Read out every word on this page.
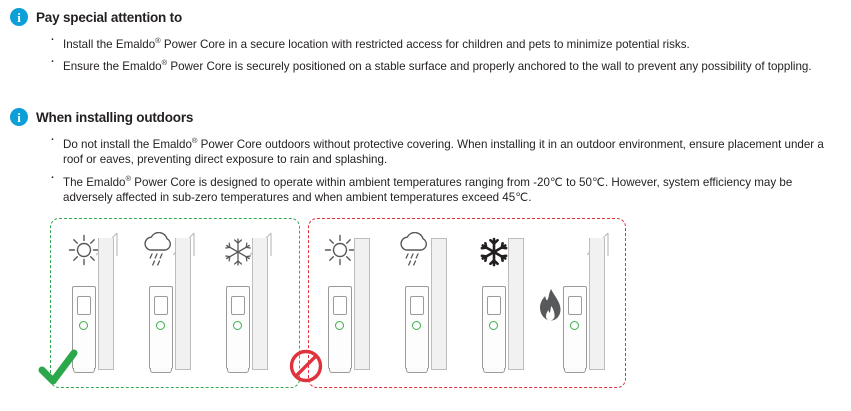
i	Pay special attention to
· Install the Emaldo® Power Core in a secure location with restricted access for children and pets to minimize potential risks.
· Ensure the Emaldo® Power Core is securely positioned on a stable surface and properly anchored to the wall to prevent any possibility of toppling.
i	When installing outdoors
· Do not install the Emaldo® Power Core outdoors without protective covering. When installing it in an outdoor environment, ensure placement under a roof or eaves, preventing direct exposure to rain and splashing.
· The Emaldo® Power Core is designed to operate within ambient temperatures ranging from -20℃ to 50℃. However, system efficiency may be adversely affected in sub-zero temperatures and when ambient temperatures exceed 45℃.
